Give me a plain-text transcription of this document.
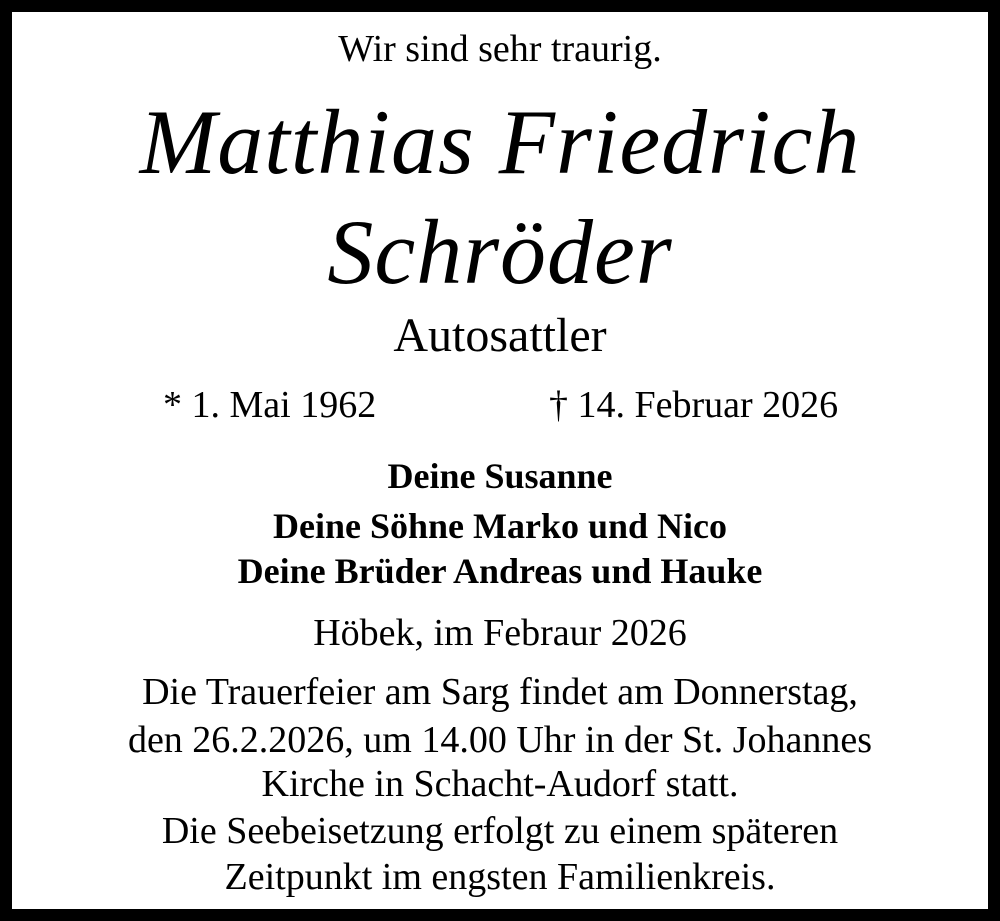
Wir sind sehr traurig.
Matthias Friedrich
Schröder
Autosattler
* 1. Mai 1962	† 14. Februar 2026
Deine Susanne
Deine Söhne Marko und Nico
Deine Brüder Andreas und Hauke
Höbek, im Febraur 2026
Die Trauerfeier am Sarg findet am Donnerstag,
den 26.2.2026, um 14.00 Uhr in der St. Johannes
Kirche in Schacht-Audorf statt.
Die Seebeisetzung erfolgt zu einem späteren
Zeitpunkt im engsten Familienkreis.
